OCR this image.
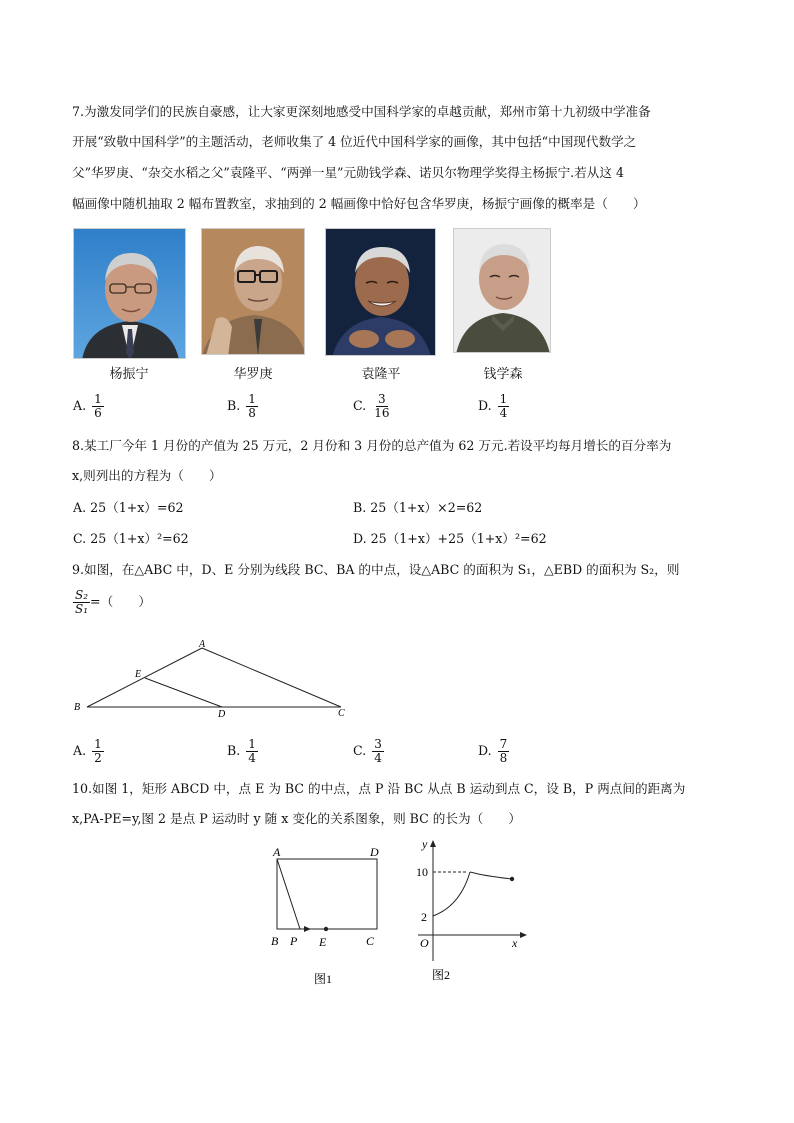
7.为激发同学们的民族自豪感，让大家更深刻地感受中国科学家的卓越贡献，郑州市第十九初级中学准备
开展“致敬中国科学”的主题活动，老师收集了 4 位近代中国科学家的画像，其中包括“中国现代数学之
父”华罗庚、“杂交水稻之父”袁隆平、“两弹一星”元勋钱学森、诺贝尔物理学奖得主杨振宁.若从这 4
幅画像中随机抽取 2 幅布置教室，求抽到的 2 幅画像中恰好包含华罗庚，杨振宁画像的概率是（　　）
杨振宁	华罗庚	袁隆平	钱学森
A. $\frac{1}{6}$	B. $\frac{1}{8}$	C. $\frac{3}{16}$	D. $\frac{1}{4}$
8.某工厂今年 1 月份的产值为 25 万元，2 月份和 3 月份的总产值为 62 万元.若设平均每月增长的百分率为
x,则列出的方程为（　　）
A. 25（1+x）=62	B. 25（1+x）×2=62
C. 25（1+x）²=62	D. 25（1+x）+25（1+x）²=62
9.如图，在△ABC 中，D、E 分别为线段 BC、BA 的中点，设△ABC 的面积为 S₁，△EBD 的面积为 S₂，则
$\frac{\text{S₂}}{\text{S₁}}$ =（　　）
A
B
C
D
E
A. $\frac{1}{2}$	B. $\frac{1}{4}$	C. $\frac{3}{4}$	D. $\frac{7}{8}$
10.如图 1，矩形 ABCD 中，点 E 为 BC 的中点，点 P 沿 BC 从点 B 运动到点 C，设 B，P 两点间的距离为
x,PA-PE=y,图 2 是点 P 运动时 y 随 x 变化的关系图象，则 BC 的长为（　　）
A	D
B P E	C
图1
y
x
O
10
2
图2
